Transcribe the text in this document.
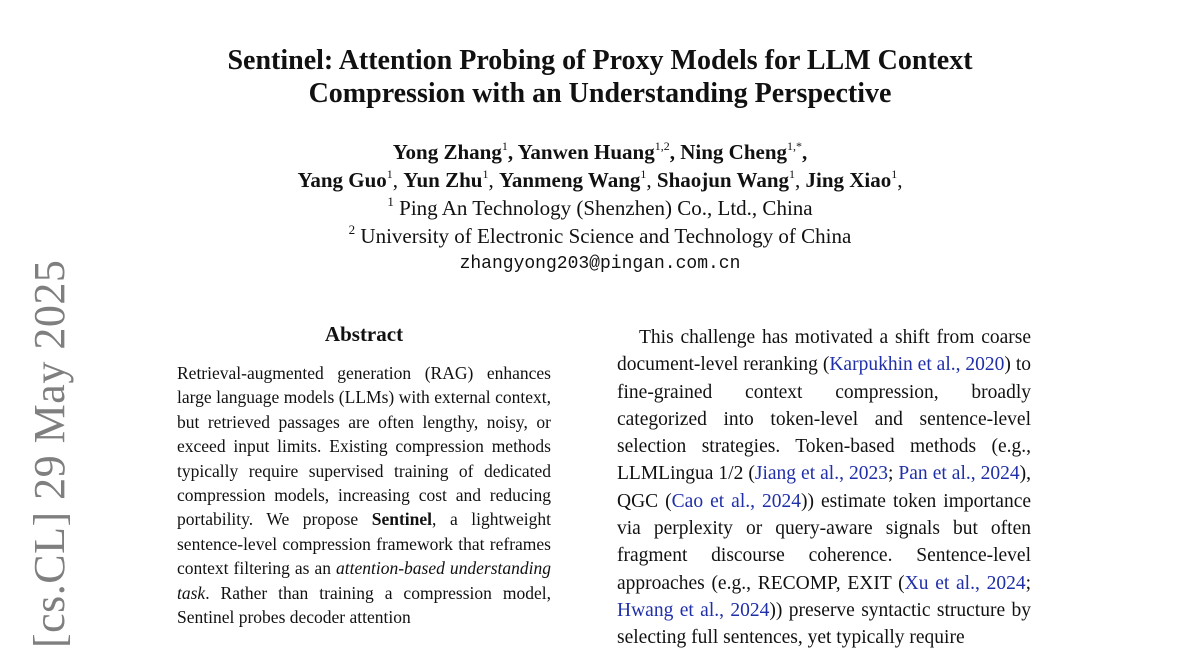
[cs.CL] 29 May 2025
Sentinel: Attention Probing of Proxy Models for LLM Context
Compression with an Understanding Perspective
Yong Zhang$^1$, Yanwen Huang$^{1,2}$, Ning Cheng$^{1,*}$,
Yang Guo$^1$, Yun Zhu$^1$, Yanmeng Wang$^1$, Shaojun Wang$^1$, Jing Xiao$^1$,
$^1$ Ping An Technology (Shenzhen) Co., Ltd., China
$^2$ University of Electronic Science and Technology of China
zhangyong203@pingan.com.cn
Abstract
Retrieval-augmented generation (RAG) enhances large language models (LLMs) with external context, but retrieved passages are often lengthy, noisy, or exceed input limits. Existing compression methods typically require supervised training of dedicated compression models, increasing cost and reducing portability. We propose Sentinel, a lightweight sentence-level compression framework that reframes context filtering as an attention-based understanding task. Rather than training a compression model, Sentinel probes decoder attention

This challenge has motivated a shift from coarse document-level reranking (Karpukhin et al., 2020) to fine-grained context compression, broadly categorized into token-level and sentence-level selection strategies. Token-based methods (e.g., LLMLingua 1/2 (Jiang et al., 2023; Pan et al., 2024), QGC (Cao et al., 2024)) estimate token importance via perplexity or query-aware signals but often fragment discourse coherence. Sentence-level approaches (e.g., RECOMP, EXIT (Xu et al., 2024; Hwang et al., 2024)) preserve syntactic structure by selecting full sentences, yet typically require
